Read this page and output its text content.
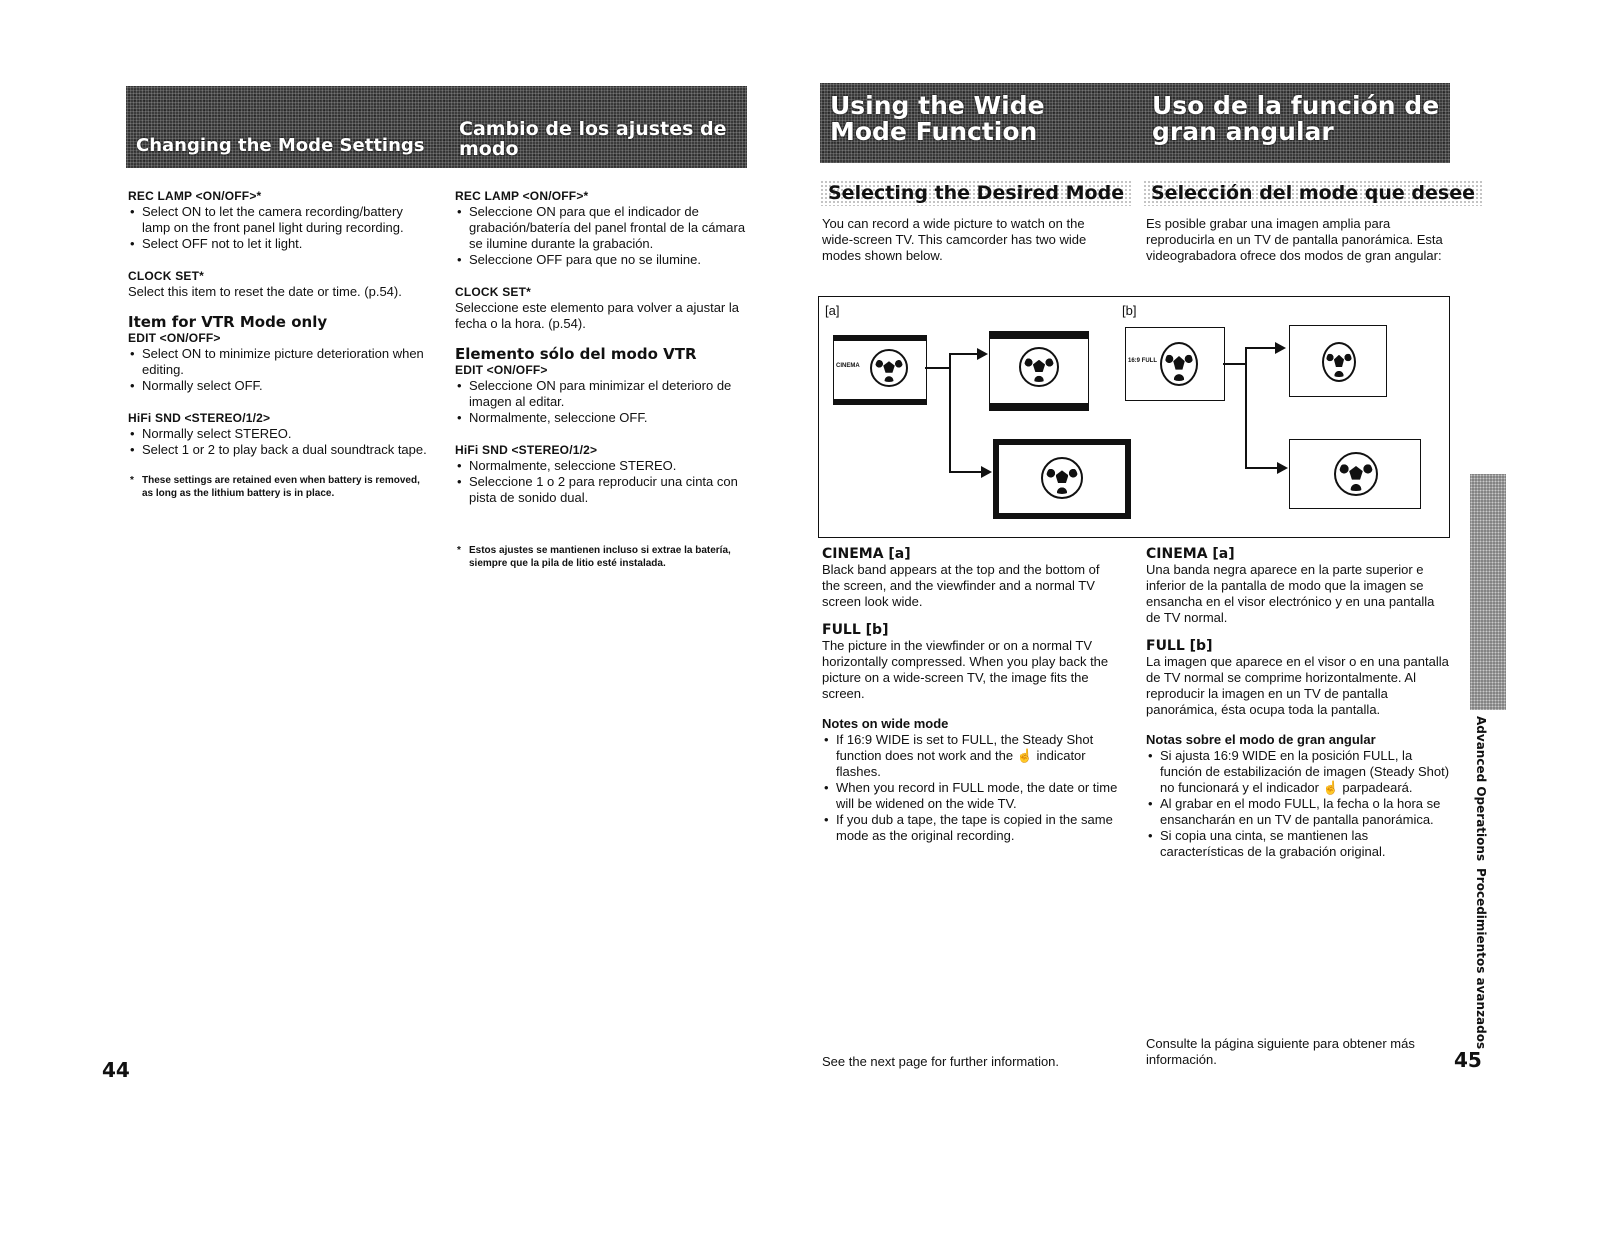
Changing the Mode Settings
Cambio de los ajustes de modo
REC LAMP <ON/OFF>*
• Select ON to let the camera recording/battery lamp on the front panel light during recording.
• Select OFF not to let it light.
CLOCK SET*
Select this item to reset the date or time. (p.54).
Item for VTR Mode only
EDIT <ON/OFF>
• Select ON to minimize picture deterioration when editing.
• Normally select OFF.
HiFi SND <STEREO/1/2>
• Normally select STEREO.
• Select 1 or 2 to play back a dual soundtrack tape.
* These settings are retained even when battery is removed, as long as the lithium battery is in place.
REC LAMP <ON/OFF>*
• Seleccione ON para que el indicador de grabación/batería del panel frontal de la cámara se ilumine durante la grabación.
• Seleccione OFF para que no se ilumine.
CLOCK SET*
Seleccione este elemento para volver a ajustar la fecha o la hora. (p.54).
Elemento sólo del modo VTR
EDIT <ON/OFF>
• Seleccione ON para minimizar el deterioro de imagen al editar.
• Normalmente, seleccione OFF.
HiFi SND <STEREO/1/2>
• Normalmente, seleccione STEREO.
• Seleccione 1 o 2 para reproducir una cinta con pista de sonido dual.
* Estos ajustes se mantienen incluso si extrae la batería, siempre que la pila de litio esté instalada.
44
Using the Wide Mode Function
Uso de la función de gran angular
Selecting the Desired Mode	Selección del mode que desee
You can record a wide picture to watch on the wide-screen TV. This camcorder has two wide modes shown below.
Es posible grabar una imagen amplia para reproducirla en un TV de pantalla panorámica. Esta videograbadora ofrece dos modos de gran angular:
[a]	[b]
CINEMA
16:9 FULL
CINEMA [a]
Black band appears at the top and the bottom of the screen, and the viewfinder and a normal TV screen look wide.
FULL [b]
The picture in the viewfinder or on a normal TV horizontally compressed. When you play back the picture on a wide-screen TV, the image fits the screen.
Notes on wide mode
• If 16:9 WIDE is set to FULL, the Steady Shot function does not work and the ☝ indicator flashes.
• When you record in FULL mode, the date or time will be widened on the wide TV.
• If you dub a tape, the tape is copied in the same mode as the original recording.
CINEMA [a]
Una banda negra aparece en la parte superior e inferior de la pantalla de modo que la imagen se ensancha en el visor electrónico y en una pantalla de TV normal.
FULL [b]
La imagen que aparece en el visor o en una pantalla de TV normal se comprime horizontalmente. Al reproducir la imagen en un TV de pantalla panorámica, ésta ocupa toda la pantalla.
Notas sobre el modo de gran angular
• Si ajusta 16:9 WIDE en la posición FULL, la función de estabilización de imagen (Steady Shot) no funcionará y el indicador ☝ parpadeará.
• Al grabar en el modo FULL, la fecha o la hora se ensancharán en un TV de pantalla panorámica.
• Si copia una cinta, se mantienen las características de la grabación original.
See the next page for further information.
Consulte la página siguiente para obtener más información.
Advanced Operations
Procedimientos avanzados
45
